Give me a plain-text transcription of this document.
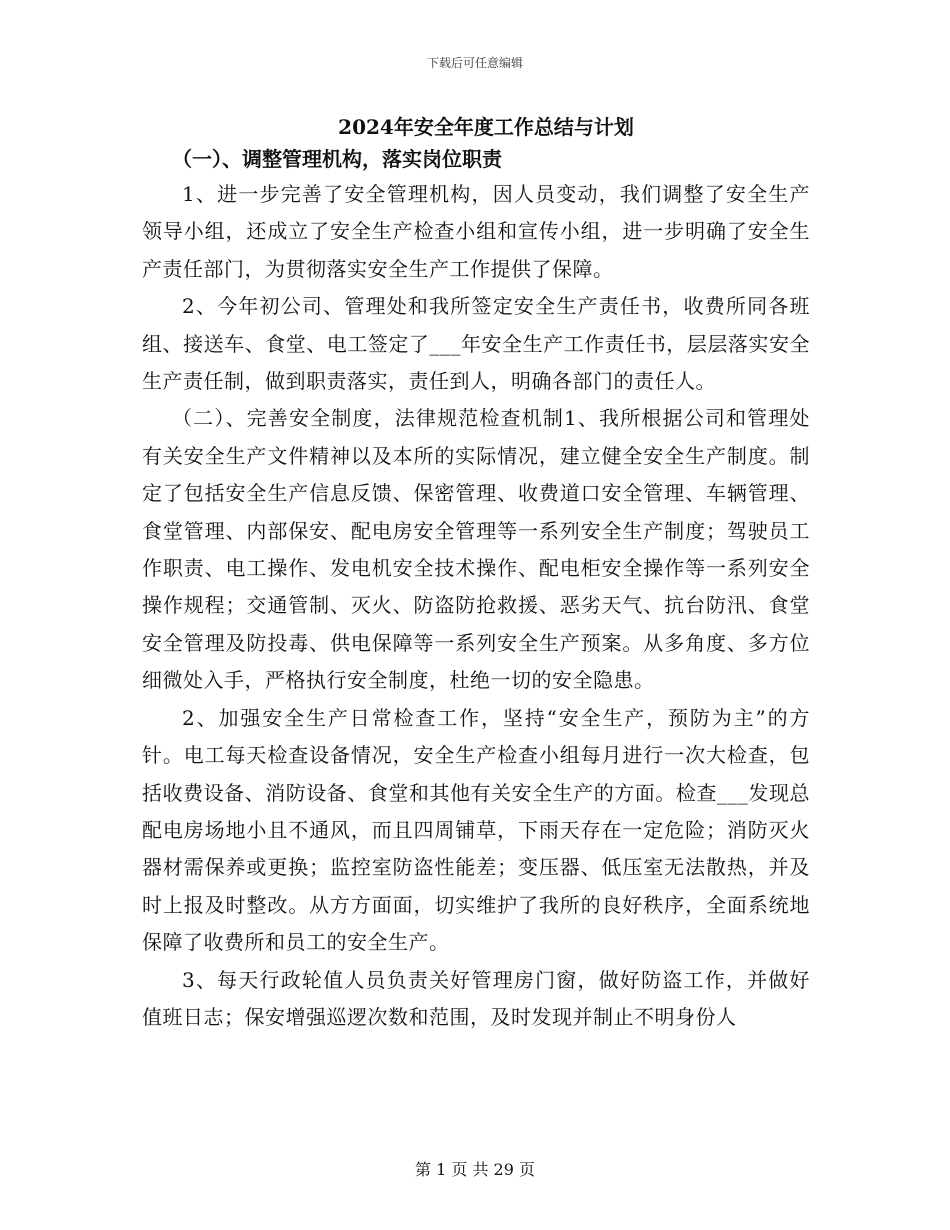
下载后可任意编辑
2024年安全年度工作总结与计划
（一）、调整管理机构，落实岗位职责

1、进一步完善了安全管理机构，因人员变动，我们调整了安全生产领导小组，还成立了安全生产检查小组和宣传小组，进一步明确了安全生产责任部门，为贯彻落实安全生产工作提供了保障。

2、今年初公司、管理处和我所签定安全生产责任书，收费所同各班组、接送车、食堂、电工签定了___年安全生产工作责任书，层层落实安全生产责任制，做到职责落实，责任到人，明确各部门的责任人。

（二）、完善安全制度，法律规范检查机制1、我所根据公司和管理处有关安全生产文件精神以及本所的实际情况，建立健全安全生产制度。制定了包括安全生产信息反馈、保密管理、收费道口安全管理、车辆管理、食堂管理、内部保安、配电房安全管理等一系列安全生产制度；驾驶员工作职责、电工操作、发电机安全技术操作、配电柜安全操作等一系列安全操作规程；交通管制、灭火、防盗防抢救援、恶劣天气、抗台防汛、食堂安全管理及防投毒、供电保障等一系列安全生产预案。从多角度、多方位细微处入手，严格执行安全制度，杜绝一切的安全隐患。

2、加强安全生产日常检查工作，坚持“安全生产，预防为主”的方针。电工每天检查设备情况，安全生产检查小组每月进行一次大检查，包括收费设备、消防设备、食堂和其他有关安全生产的方面。检查___发现总配电房场地小且不通风，而且四周铺草，下雨天存在一定危险；消防灭火器材需保养或更换；监控室防盗性能差；变压器、低压室无法散热，并及时上报及时整改。从方方面面，切实维护了我所的良好秩序，全面系统地保障了收费所和员工的安全生产。

3、每天行政轮值人员负责关好管理房门窗，做好防盗工作，并做好值班日志；保安增强巡逻次数和范围，及时发现并制止不明身份人

第 1 页 共 29 页
